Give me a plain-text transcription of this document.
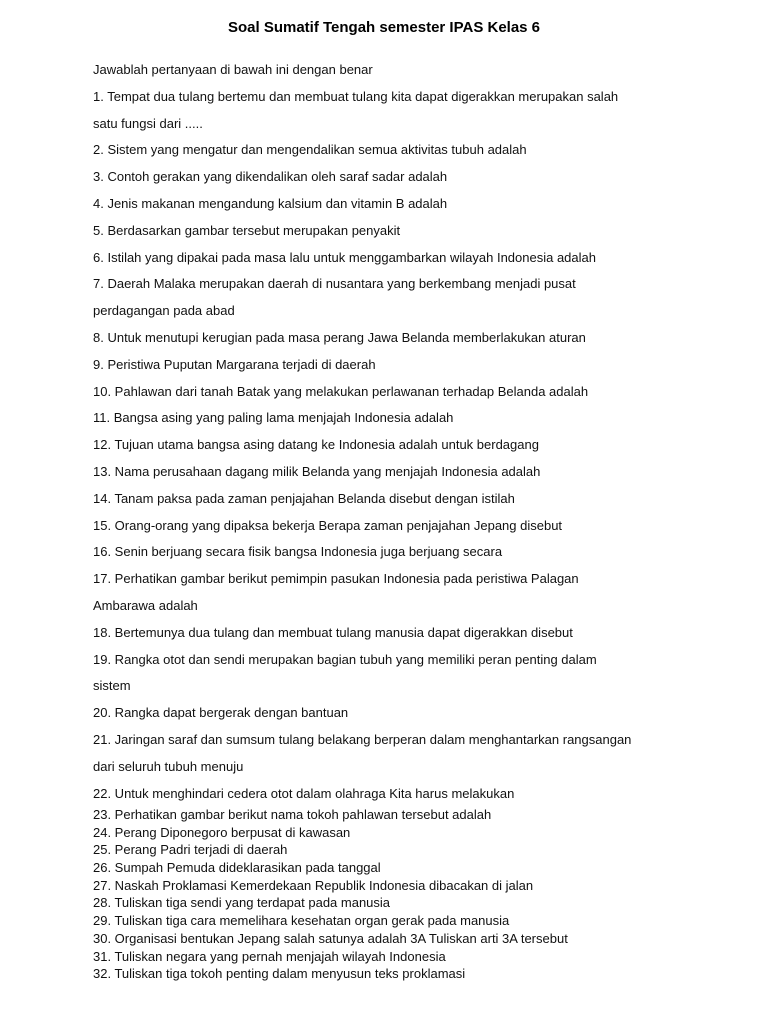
Soal Sumatif Tengah semester IPAS Kelas 6
Jawablah pertanyaan di bawah ini dengan benar
1. Tempat dua tulang bertemu dan membuat tulang kita dapat digerakkan merupakan salah
satu fungsi dari .....
2. Sistem yang mengatur dan mengendalikan semua aktivitas tubuh adalah
3. Contoh gerakan yang dikendalikan oleh saraf sadar adalah
4. Jenis makanan mengandung kalsium dan vitamin B adalah
5. Berdasarkan gambar tersebut merupakan penyakit
6. Istilah yang dipakai pada masa lalu untuk menggambarkan wilayah Indonesia adalah
7. Daerah Malaka merupakan daerah di nusantara yang berkembang menjadi pusat
perdagangan pada abad
8. Untuk menutupi kerugian pada masa perang Jawa Belanda memberlakukan aturan
9. Peristiwa Puputan Margarana terjadi di daerah
10. Pahlawan dari tanah Batak yang melakukan perlawanan terhadap Belanda adalah
11. Bangsa asing yang paling lama menjajah Indonesia adalah
12. Tujuan utama bangsa asing datang ke Indonesia adalah untuk berdagang
13. Nama perusahaan dagang milik Belanda yang menjajah Indonesia adalah
14. Tanam paksa pada zaman penjajahan Belanda disebut dengan istilah
15. Orang-orang yang dipaksa bekerja Berapa zaman penjajahan Jepang disebut
16. Senin berjuang secara fisik bangsa Indonesia juga berjuang secara
17. Perhatikan gambar berikut pemimpin pasukan Indonesia pada peristiwa Palagan
Ambarawa adalah
18. Bertemunya dua tulang dan membuat tulang manusia dapat digerakkan disebut
19. Rangka otot dan sendi merupakan bagian tubuh yang memiliki peran penting dalam
sistem
20. Rangka dapat bergerak dengan bantuan
21. Jaringan saraf dan sumsum tulang belakang berperan dalam menghantarkan rangsangan
dari seluruh tubuh menuju
22. Untuk menghindari cedera otot dalam olahraga Kita harus melakukan
23. Perhatikan gambar berikut nama tokoh pahlawan tersebut adalah
24. Perang Diponegoro berpusat di kawasan
25. Perang Padri terjadi di daerah
26. Sumpah Pemuda dideklarasikan pada tanggal
27. Naskah Proklamasi Kemerdekaan Republik Indonesia dibacakan di jalan
28. Tuliskan tiga sendi yang terdapat pada manusia
29. Tuliskan tiga cara memelihara kesehatan organ gerak pada manusia
30. Organisasi bentukan Jepang salah satunya adalah 3A Tuliskan arti 3A tersebut
31. Tuliskan negara yang pernah menjajah wilayah Indonesia
32. Tuliskan tiga tokoh penting dalam menyusun teks proklamasi
